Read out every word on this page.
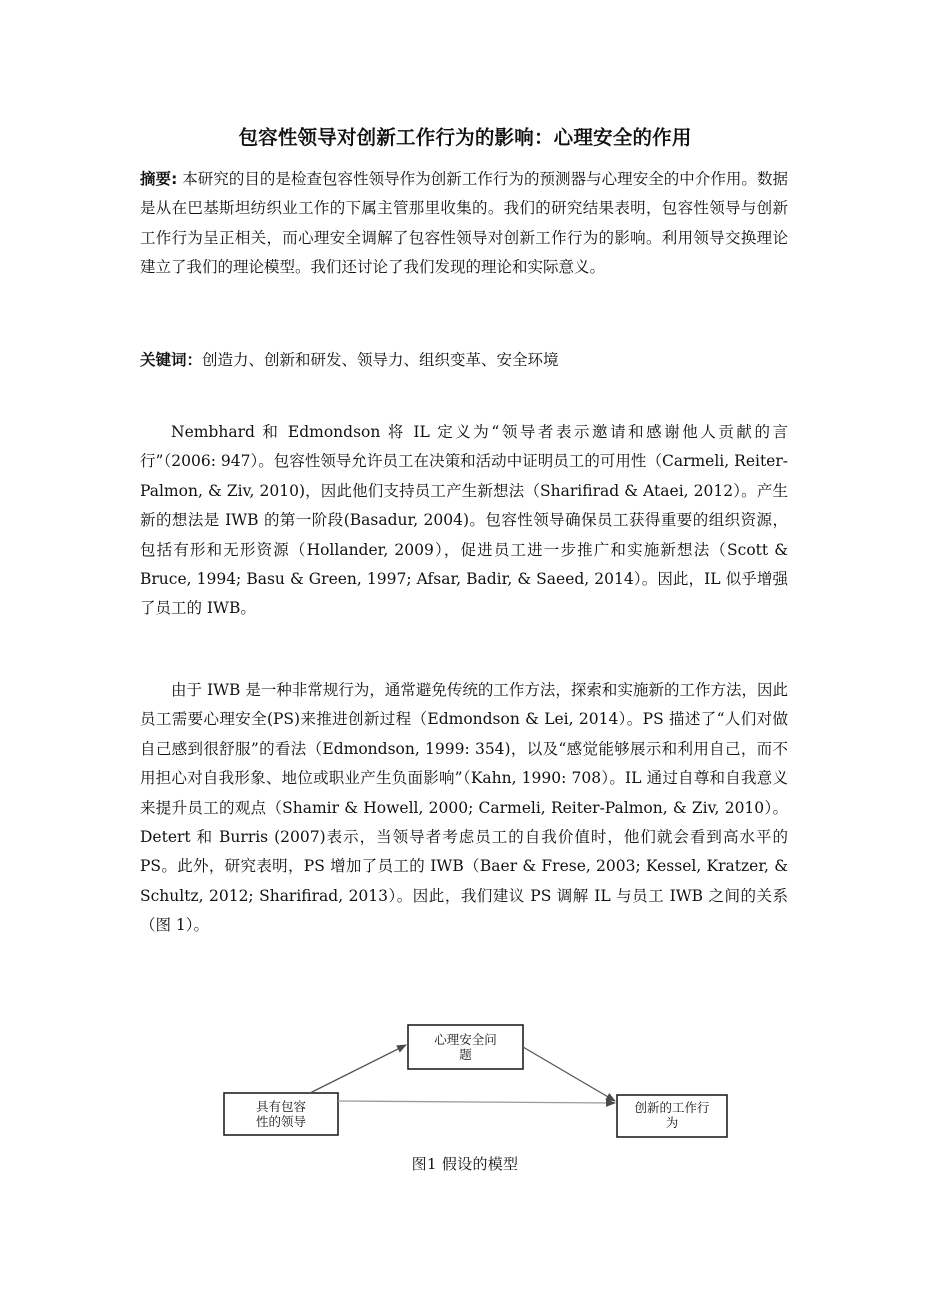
包容性领导对创新工作行为的影响：心理安全的作用
摘要: 本研究的目的是检查包容性领导作为创新工作行为的预测器与心理安全的中介作用。数据是从在巴基斯坦纺织业工作的下属主管那里收集的。我们的研究结果表明，包容性领导与创新工作行为呈正相关，而心理安全调解了包容性领导对创新工作行为的影响。利用领导交换理论建立了我们的理论模型。我们还讨论了我们发现的理论和实际意义。
关键词：创造力、创新和研发、领导力、组织变革、安全环境
Nembhard 和 Edmondson 将 IL 定义为“领导者表示邀请和感谢他人贡献的言行”（2006: 947）。包容性领导允许员工在决策和活动中证明员工的可用性（Carmeli, Reiter-Palmon, & Ziv, 2010)，因此他们支持员工产生新想法（Sharifirad & Ataei, 2012）。产生新的想法是 IWB 的第一阶段(Basadur, 2004)。包容性领导确保员工获得重要的组织资源，包括有形和无形资源（Hollander, 2009），促进员工进一步推广和实施新想法（Scott & Bruce, 1994; Basu & Green, 1997; Afsar, Badir, & Saeed, 2014）。因此，IL 似乎增强了员工的 IWB。
由于 IWB 是一种非常规行为，通常避免传统的工作方法，探索和实施新的工作方法，因此员工需要心理安全(PS)来推进创新过程（Edmondson & Lei, 2014）。PS 描述了“人们对做自己感到很舒服”的看法（Edmondson, 1999: 354)，以及“感觉能够展示和利用自己，而不用担心对自我形象、地位或职业产生负面影响”（Kahn, 1990: 708）。IL 通过自尊和自我意义来提升员工的观点（Shamir & Howell, 2000; Carmeli, Reiter-Palmon, & Ziv, 2010）。Detert 和 Burris (2007)表示，当领导者考虑员工的自我价值时，他们就会看到高水平的 PS。此外，研究表明，PS 增加了员工的 IWB（Baer & Frese, 2003; Kessel, Kratzer, & Schultz, 2012; Sharifirad, 2013）。因此，我们建议 PS 调解 IL 与员工 IWB 之间的关系（图 1）。
心理安全问
题
具有包容
性的领导
创新的工作行
为
图1 假设的模型
